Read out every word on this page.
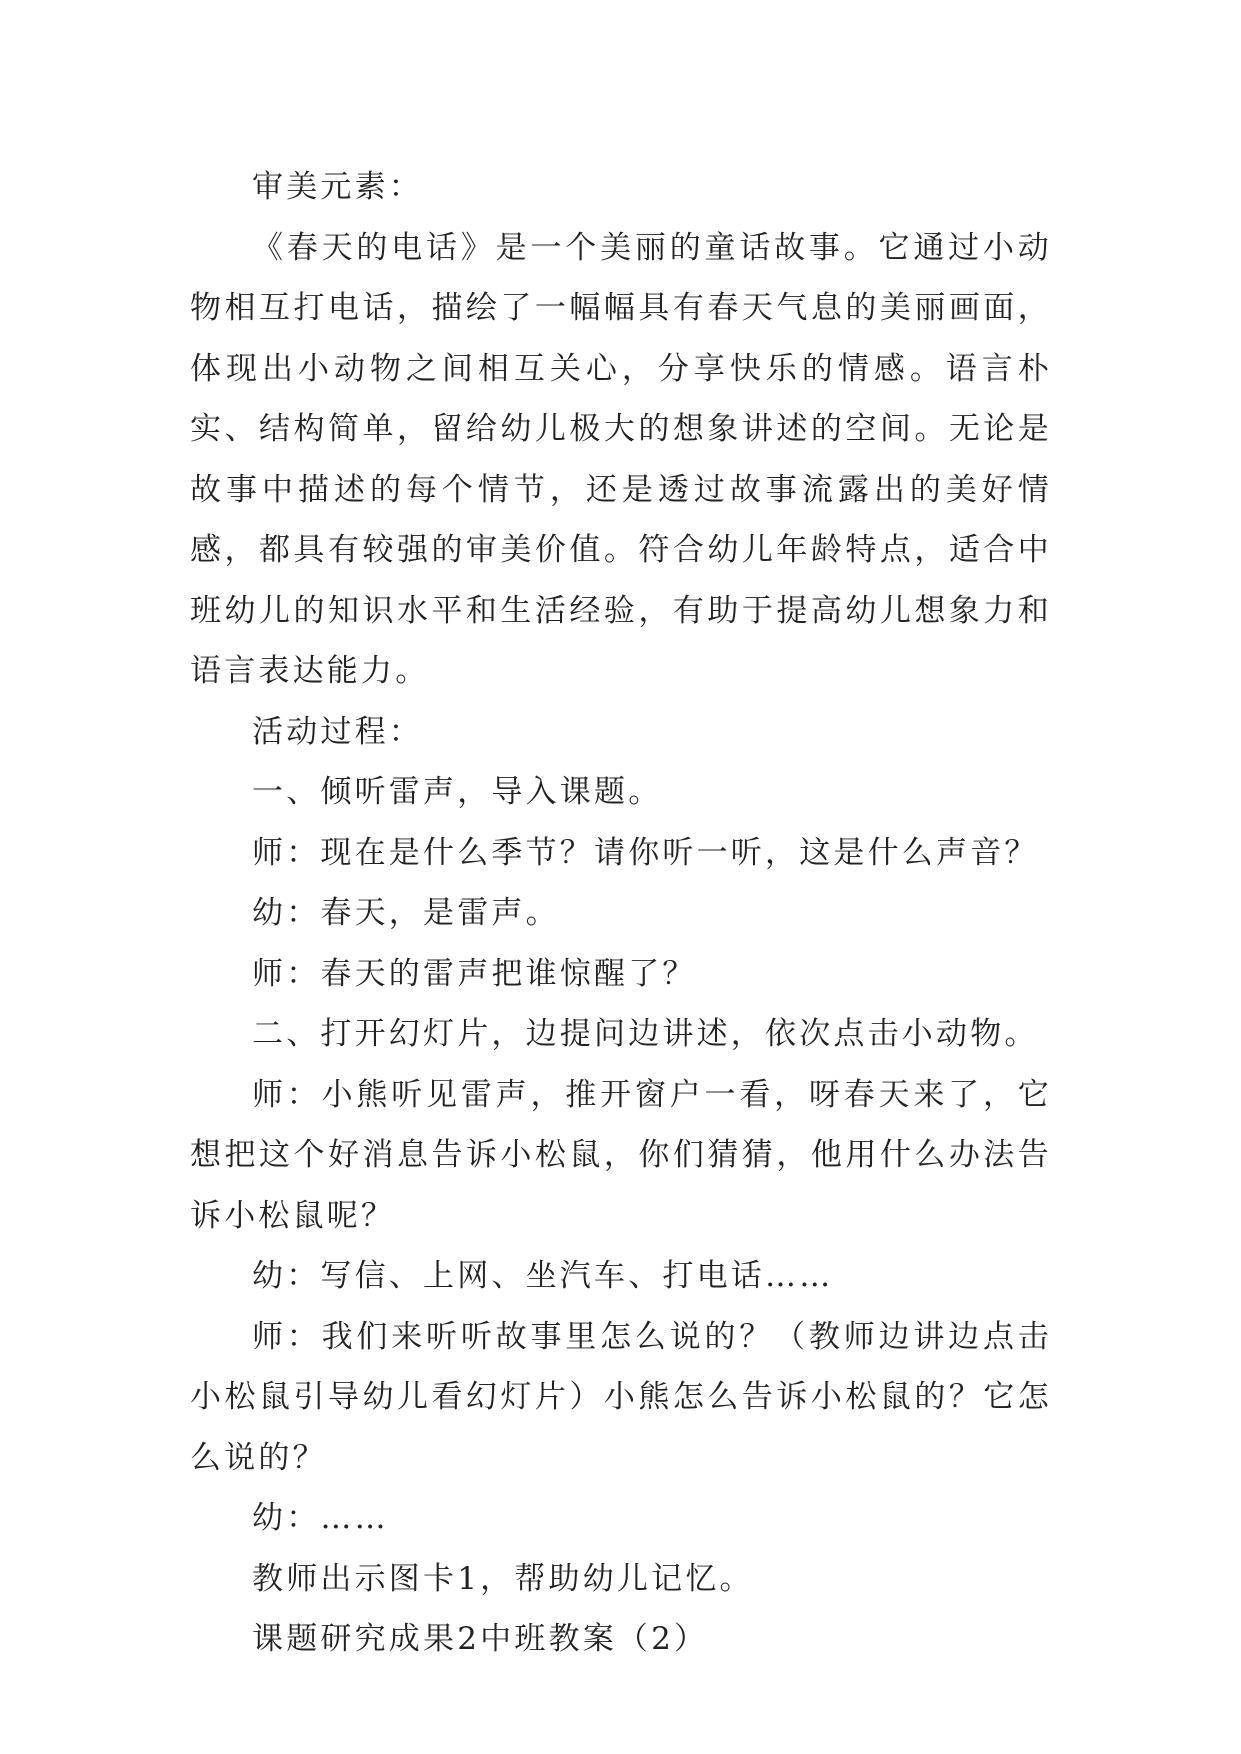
审美元素：

《春天的电话》是一个美丽的童话故事。它通过小动物相互打电话，描绘了一幅幅具有春天气息的美丽画面，体现出小动物之间相互关心，分享快乐的情感。语言朴实、结构简单，留给幼儿极大的想象讲述的空间。无论是故事中描述的每个情节，还是透过故事流露出的美好情感，都具有较强的审美价值。符合幼儿年龄特点，适合中班幼儿的知识水平和生活经验，有助于提高幼儿想象力和语言表达能力。

活动过程：

一、倾听雷声，导入课题。

师：现在是什么季节？请你听一听，这是什么声音？

幼：春天，是雷声。

师：春天的雷声把谁惊醒了？

二、打开幻灯片，边提问边讲述，依次点击小动物。

师：小熊听见雷声，推开窗户一看，呀春天来了，它想把这个好消息告诉小松鼠，你们猜猜，他用什么办法告诉小松鼠呢？

幼：写信、上网、坐汽车、打电话……

师：我们来听听故事里怎么说的？（教师边讲边点击小松鼠引导幼儿看幻灯片）小熊怎么告诉小松鼠的？它怎么说的？

幼：……

教师出示图卡1，帮助幼儿记忆。

课题研究成果2中班教案（2）
